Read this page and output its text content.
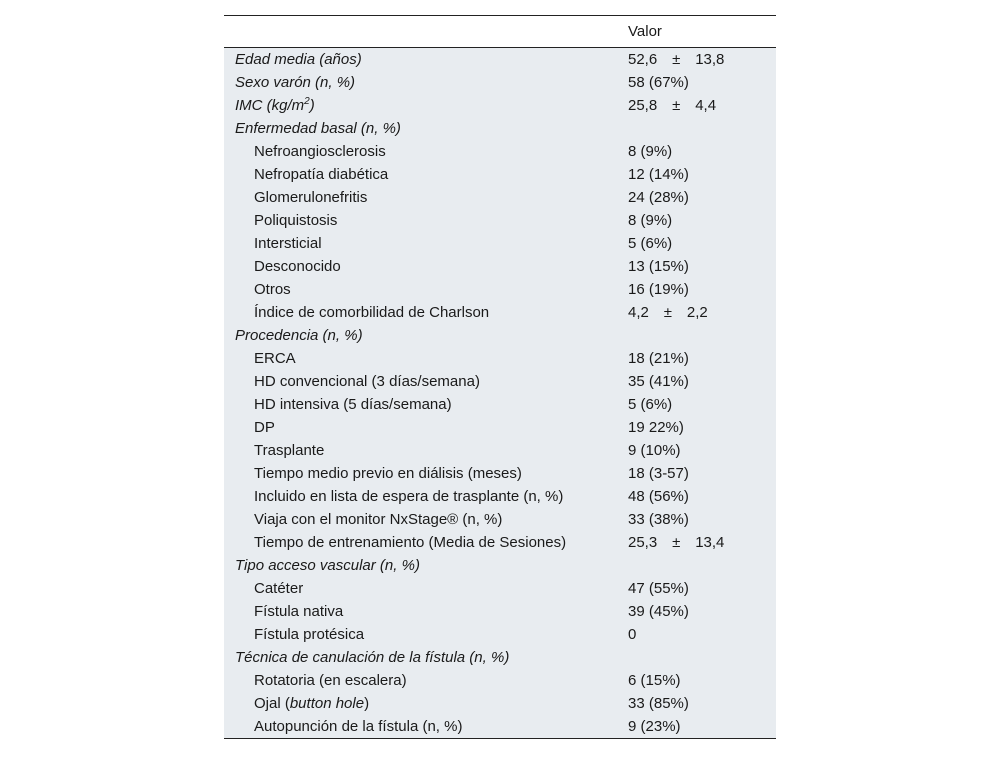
	Valor
Edad media (años)	52,6 ± 13,8
Sexo varón (n, %)	58 (67%)
IMC $(kg/m^2)$	25,8 ± 4,4
Enfermedad basal (n, %)	
Nefroangiosclerosis	8 (9%)
Nefropatía diabética	12 (14%)
Glomerulonefritis	24 (28%)
Poliquistosis	8 (9%)
Intersticial	5 (6%)
Desconocido	13 (15%)
Otros	16 (19%)
Índice de comorbilidad de Charlson	4,2 ± 2,2
Procedencia (n, %)	
ERCA	18 (21%)
HD convencional (3 días/semana)	35 (41%)
HD intensiva (5 días/semana)	5 (6%)
DP	19 22%)
Trasplante	9 (10%)
Tiempo medio previo en diálisis (meses)	18 (3-57)
Incluido en lista de espera de trasplante (n, %)	48 (56%)
Viaja con el monitor NxStage® (n, %)	33 (38%)
Tiempo de entrenamiento (Media de Sesiones)	25,3 ± 13,4
Tipo acceso vascular (n, %)	
Catéter	47 (55%)
Fístula nativa	39 (45%)
Fístula protésica	0
Técnica de canulación de la fístula (n, %)	
Rotatoria (en escalera)	6 (15%)
Ojal (button hole)	33 (85%)
Autopunción de la fístula (n, %)	9 (23%)
